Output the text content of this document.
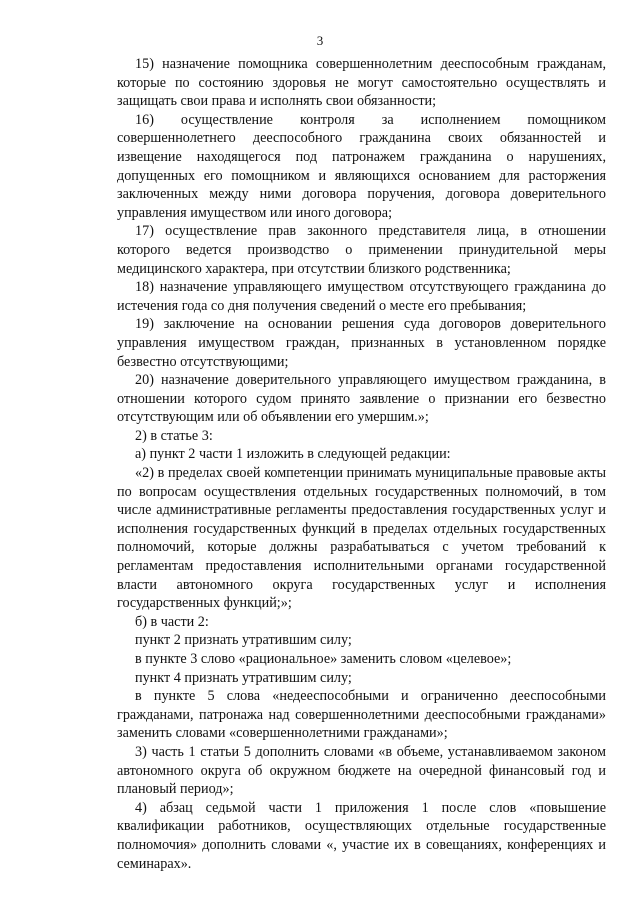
3

15) назначение помощника совершеннолетним дееспособным гражданам, которые по состоянию здоровья не могут самостоятельно осуществлять и защищать свои права и исполнять свои обязанности;

16) осуществление контроля за исполнением помощником совершеннолетнего дееспособного гражданина своих обязанностей и извещение находящегося под патронажем гражданина о нарушениях, допущенных его помощником и являющихся основанием для расторжения заключенных между ними договора поручения, договора доверительного управления имуществом или иного договора;

17) осуществление прав законного представителя лица, в отношении которого ведется производство о применении принудительной меры медицинского характера, при отсутствии близкого родственника;

18) назначение управляющего имуществом отсутствующего гражданина до истечения года со дня получения сведений о месте его пребывания;

19) заключение на основании решения суда договоров доверительного управления имуществом граждан, признанных в установленном порядке безвестно отсутствующими;

20) назначение доверительного управляющего имуществом гражданина, в отношении которого судом принято заявление о признании его безвестно отсутствующим или об объявлении его умершим.»;

2) в статье 3:

а) пункт 2 части 1 изложить в следующей редакции:

«2) в пределах своей компетенции принимать муниципальные правовые акты по вопросам осуществления отдельных государственных полномочий, в том числе административные регламенты предоставления государственных услуг и исполнения государственных функций в пределах отдельных государственных полномочий, которые должны разрабатываться с учетом требований к регламентам предоставления исполнительными органами государственной власти автономного округа государственных услуг и исполнения государственных функций;»;

б) в части 2:

пункт 2 признать утратившим силу;

в пункте 3 слово «рациональное» заменить словом «целевое»;

пункт 4 признать утратившим силу;

в пункте 5 слова «недееспособными и ограниченно дееспособными гражданами, патронажа над совершеннолетними дееспособными гражданами» заменить словами «совершеннолетними гражданами»;

3) часть 1 статьи 5 дополнить словами «в объеме, устанавливаемом законом автономного округа об окружном бюджете на очередной финансовый год и плановый период»;

4) абзац седьмой части 1 приложения 1 после слов «повышение квалификации работников, осуществляющих отдельные государственные полномочия» дополнить словами «, участие их в совещаниях, конференциях и семинарах».
